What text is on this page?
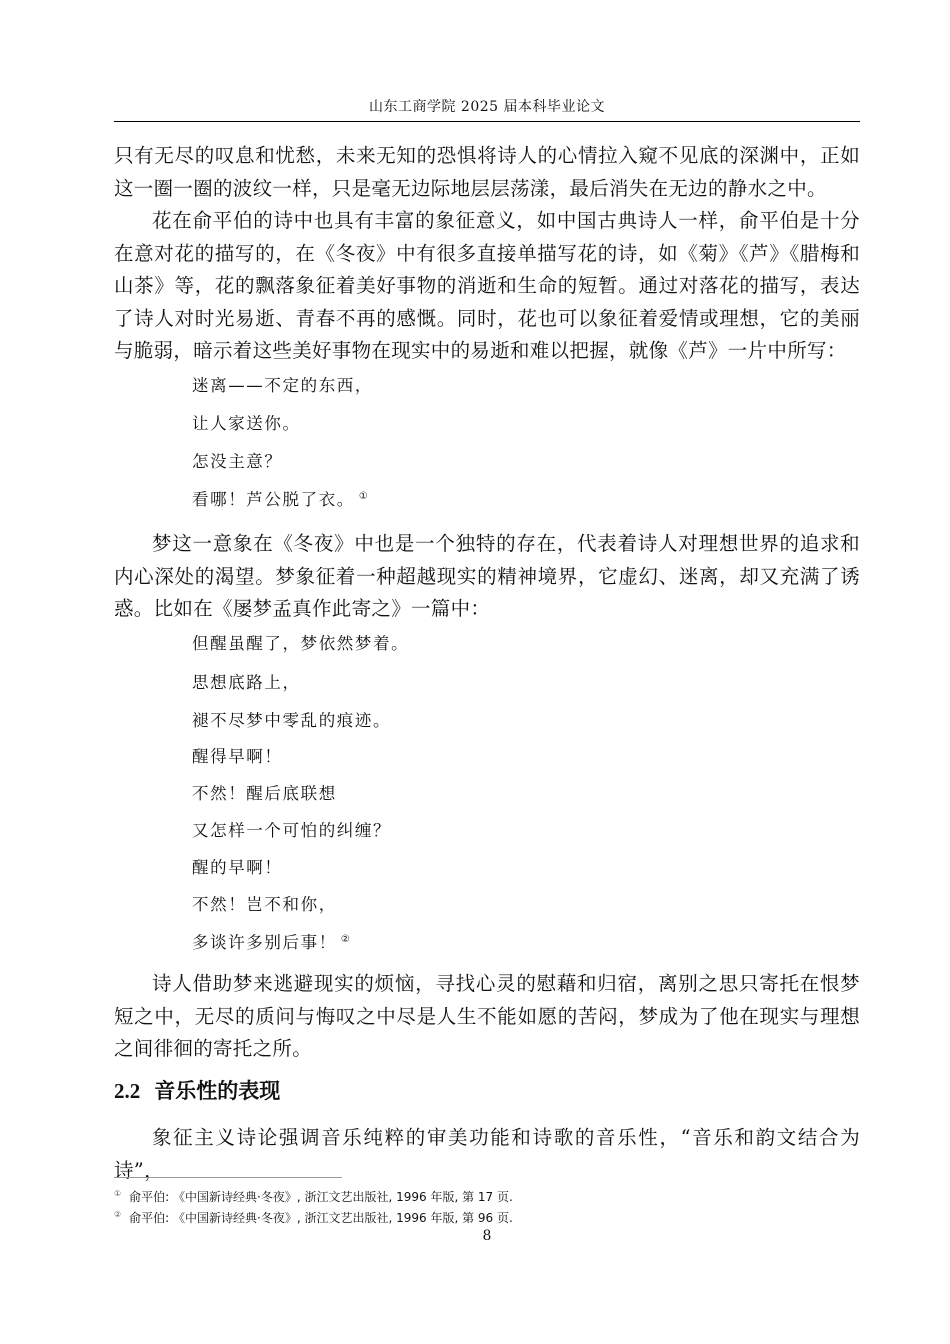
山东工商学院 2025 届本科毕业论文

只有无尽的叹息和忧愁，未来无知的恐惧将诗人的心情拉入窥不见底的深渊中，正如这一圈一圈的波纹一样，只是毫无边际地层层荡漾，最后消失在无边的静水之中。

花在俞平伯的诗中也具有丰富的象征意义，如中国古典诗人一样，俞平伯是十分在意对花的描写的，在《冬夜》中有很多直接单描写花的诗，如《菊》《芦》《腊梅和山茶》等，花的飘落象征着美好事物的消逝和生命的短暂。通过对落花的描写，表达了诗人对时光易逝、青春不再的感慨。同时，花也可以象征着爱情或理想，它的美丽与脆弱，暗示着这些美好事物在现实中的易逝和难以把握，就像《芦》一片中所写：

迷离——不定的东西，

让人家送你。

怎没主意？

看哪！芦公脱了衣。 ①

梦这一意象在《冬夜》中也是一个独特的存在，代表着诗人对理想世界的追求和内心深处的渴望。梦象征着一种超越现实的精神境界，它虚幻、迷离，却又充满了诱惑。比如在《屡梦孟真作此寄之》一篇中：

但醒虽醒了，梦依然梦着。

思想底路上，

褪不尽梦中零乱的痕迹。

醒得早啊！

不然！醒后底联想

又怎样一个可怕的纠缠？

醒的早啊！

不然！岂不和你，

多谈许多别后事！ ②

诗人借助梦来逃避现实的烦恼，寻找心灵的慰藉和归宿，离别之思只寄托在恨梦短之中，无尽的质问与悔叹之中尽是人生不能如愿的苦闷，梦成为了他在现实与理想之间徘徊的寄托之所。

2.2 音乐性的表现

象征主义诗论强调音乐纯粹的审美功能和诗歌的音乐性，“音乐和韵文结合为诗”，

① 俞平伯: 《中国新诗经典·冬夜》, 浙江文艺出版社, 1996 年版, 第 17 页.

② 俞平伯: 《中国新诗经典·冬夜》, 浙江文艺出版社, 1996 年版, 第 96 页.

8
